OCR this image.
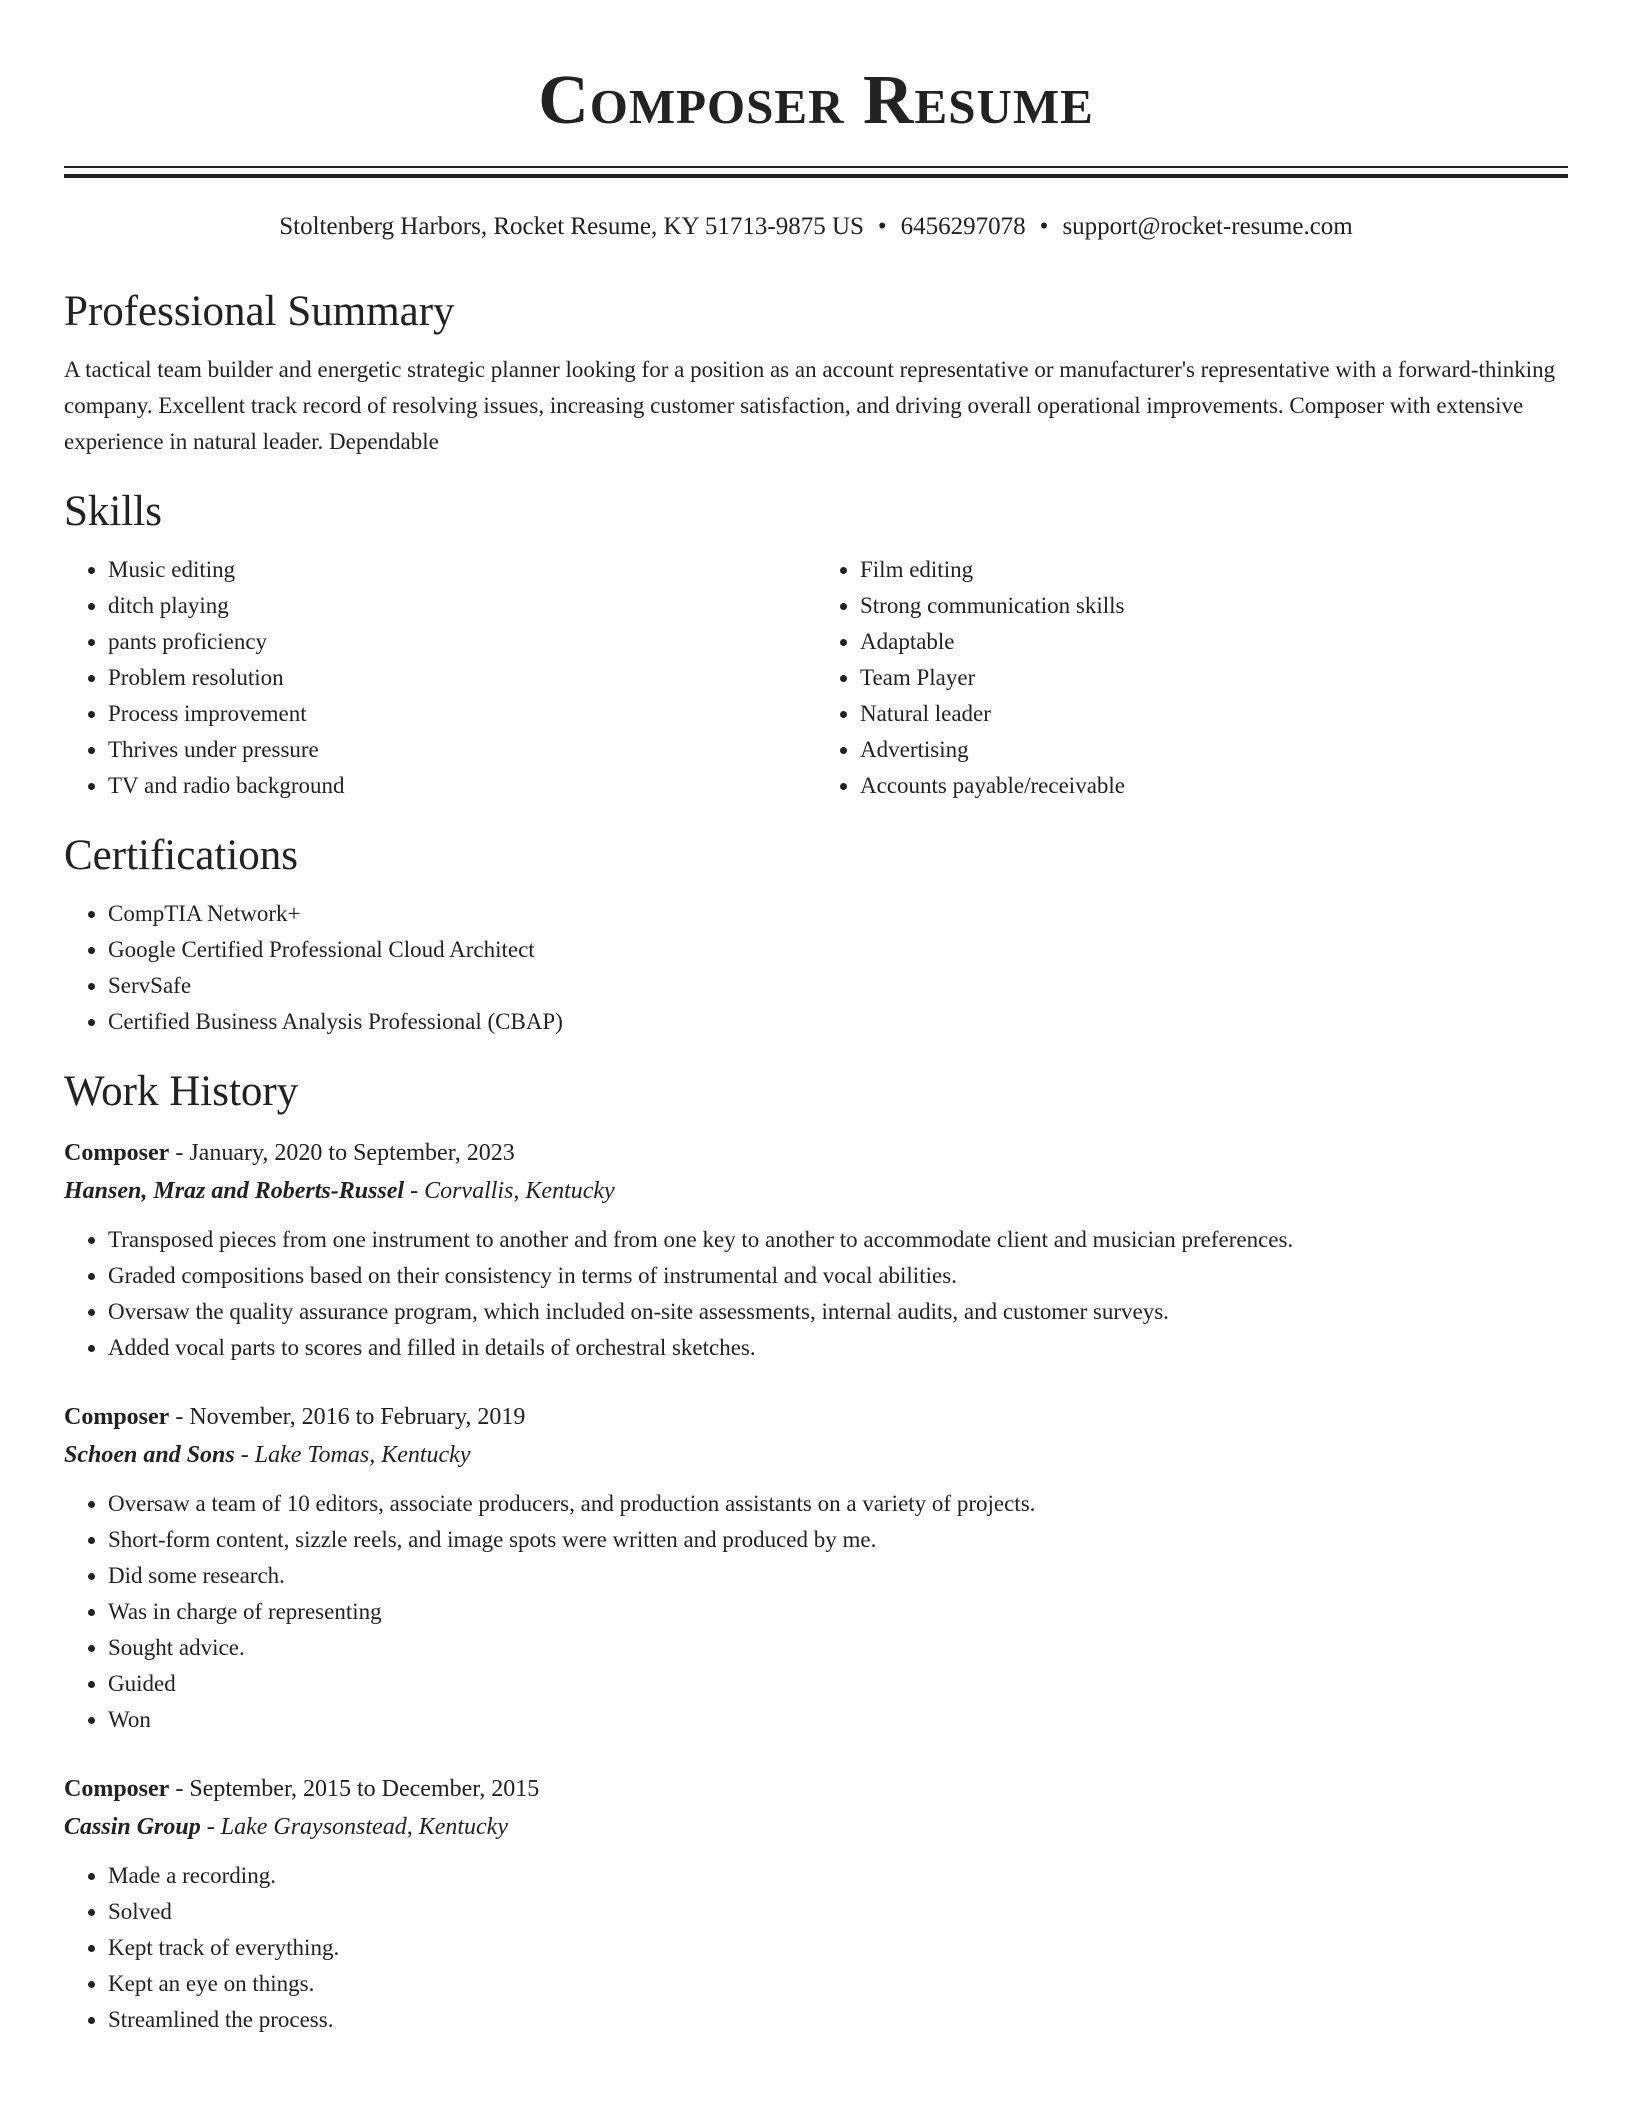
Composer Resume
Stoltenberg Harbors, Rocket Resume, KY 51713-9875 US • 6456297078 • support@rocket-resume.com
Professional Summary
A tactical team builder and energetic strategic planner looking for a position as an account representative or manufacturer's representative with a forward-thinking company. Excellent track record of resolving issues, increasing customer satisfaction, and driving overall operational improvements. Composer with extensive experience in natural leader. Dependable
Skills
• Music editing
• ditch playing
• pants proficiency
• Problem resolution
• Process improvement
• Thrives under pressure
• TV and radio background
• Film editing
• Strong communication skills
• Adaptable
• Team Player
• Natural leader
• Advertising
• Accounts payable/receivable
Certifications
• CompTIA Network+
• Google Certified Professional Cloud Architect
• ServSafe
• Certified Business Analysis Professional (CBAP)
Work History
Composer - January, 2020 to September, 2023
Hansen, Mraz and Roberts-Russel - Corvallis, Kentucky
• Transposed pieces from one instrument to another and from one key to another to accommodate client and musician preferences.
• Graded compositions based on their consistency in terms of instrumental and vocal abilities.
• Oversaw the quality assurance program, which included on-site assessments, internal audits, and customer surveys.
• Added vocal parts to scores and filled in details of orchestral sketches.
Composer - November, 2016 to February, 2019
Schoen and Sons - Lake Tomas, Kentucky
• Oversaw a team of 10 editors, associate producers, and production assistants on a variety of projects.
• Short-form content, sizzle reels, and image spots were written and produced by me.
• Did some research.
• Was in charge of representing
• Sought advice.
• Guided
• Won
Composer - September, 2015 to December, 2015
Cassin Group - Lake Graysonstead, Kentucky
• Made a recording.
• Solved
• Kept track of everything.
• Kept an eye on things.
• Streamlined the process.
